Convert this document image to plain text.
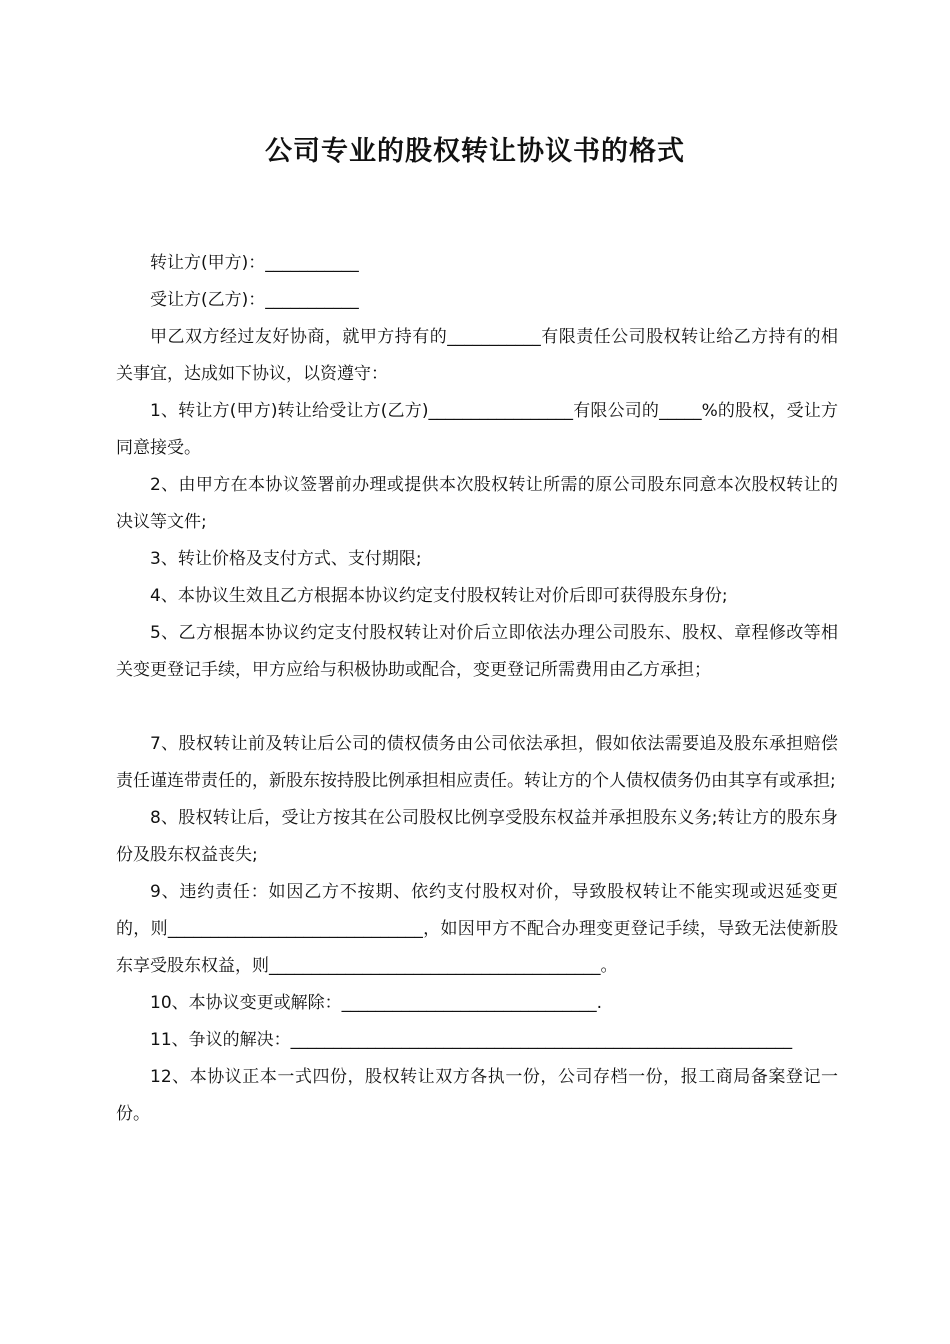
公司专业的股权转让协议书的格式

转让方(甲方)：___________

受让方(乙方)：___________

甲乙双方经过友好协商，就甲方持有的___________有限责任公司股权转让给乙方持有的相关事宜，达成如下协议，以资遵守：

1、转让方(甲方)转让给受让方(乙方)_________________有限公司的_____%的股权，受让方同意接受。

2、由甲方在本协议签署前办理或提供本次股权转让所需的原公司股东同意本次股权转让的决议等文件;

3、转让价格及支付方式、支付期限;

4、本协议生效且乙方根据本协议约定支付股权转让对价后即可获得股东身份;

5、乙方根据本协议约定支付股权转让对价后立即依法办理公司股东、股权、章程修改等相关变更登记手续，甲方应给与积极协助或配合，变更登记所需费用由乙方承担；

7、股权转让前及转让后公司的债权债务由公司依法承担，假如依法需要追及股东承担赔偿责任谨连带责任的，新股东按持股比例承担相应责任。转让方的个人债权债务仍由其享有或承担;

8、股权转让后，受让方按其在公司股权比例享受股东权益并承担股东义务;转让方的股东身份及股东权益丧失;

9、违约责任：如因乙方不按期、依约支付股权对价，导致股权转让不能实现或迟延变更的，则______________________________，如因甲方不配合办理变更登记手续，导致无法使新股东享受股东权益，则_______________________________________。

10、本协议变更或解除：______________________________.

11、争议的解决：___________________________________________________________

12、本协议正本一式四份，股权转让双方各执一份，公司存档一份，报工商局备案登记一份。
